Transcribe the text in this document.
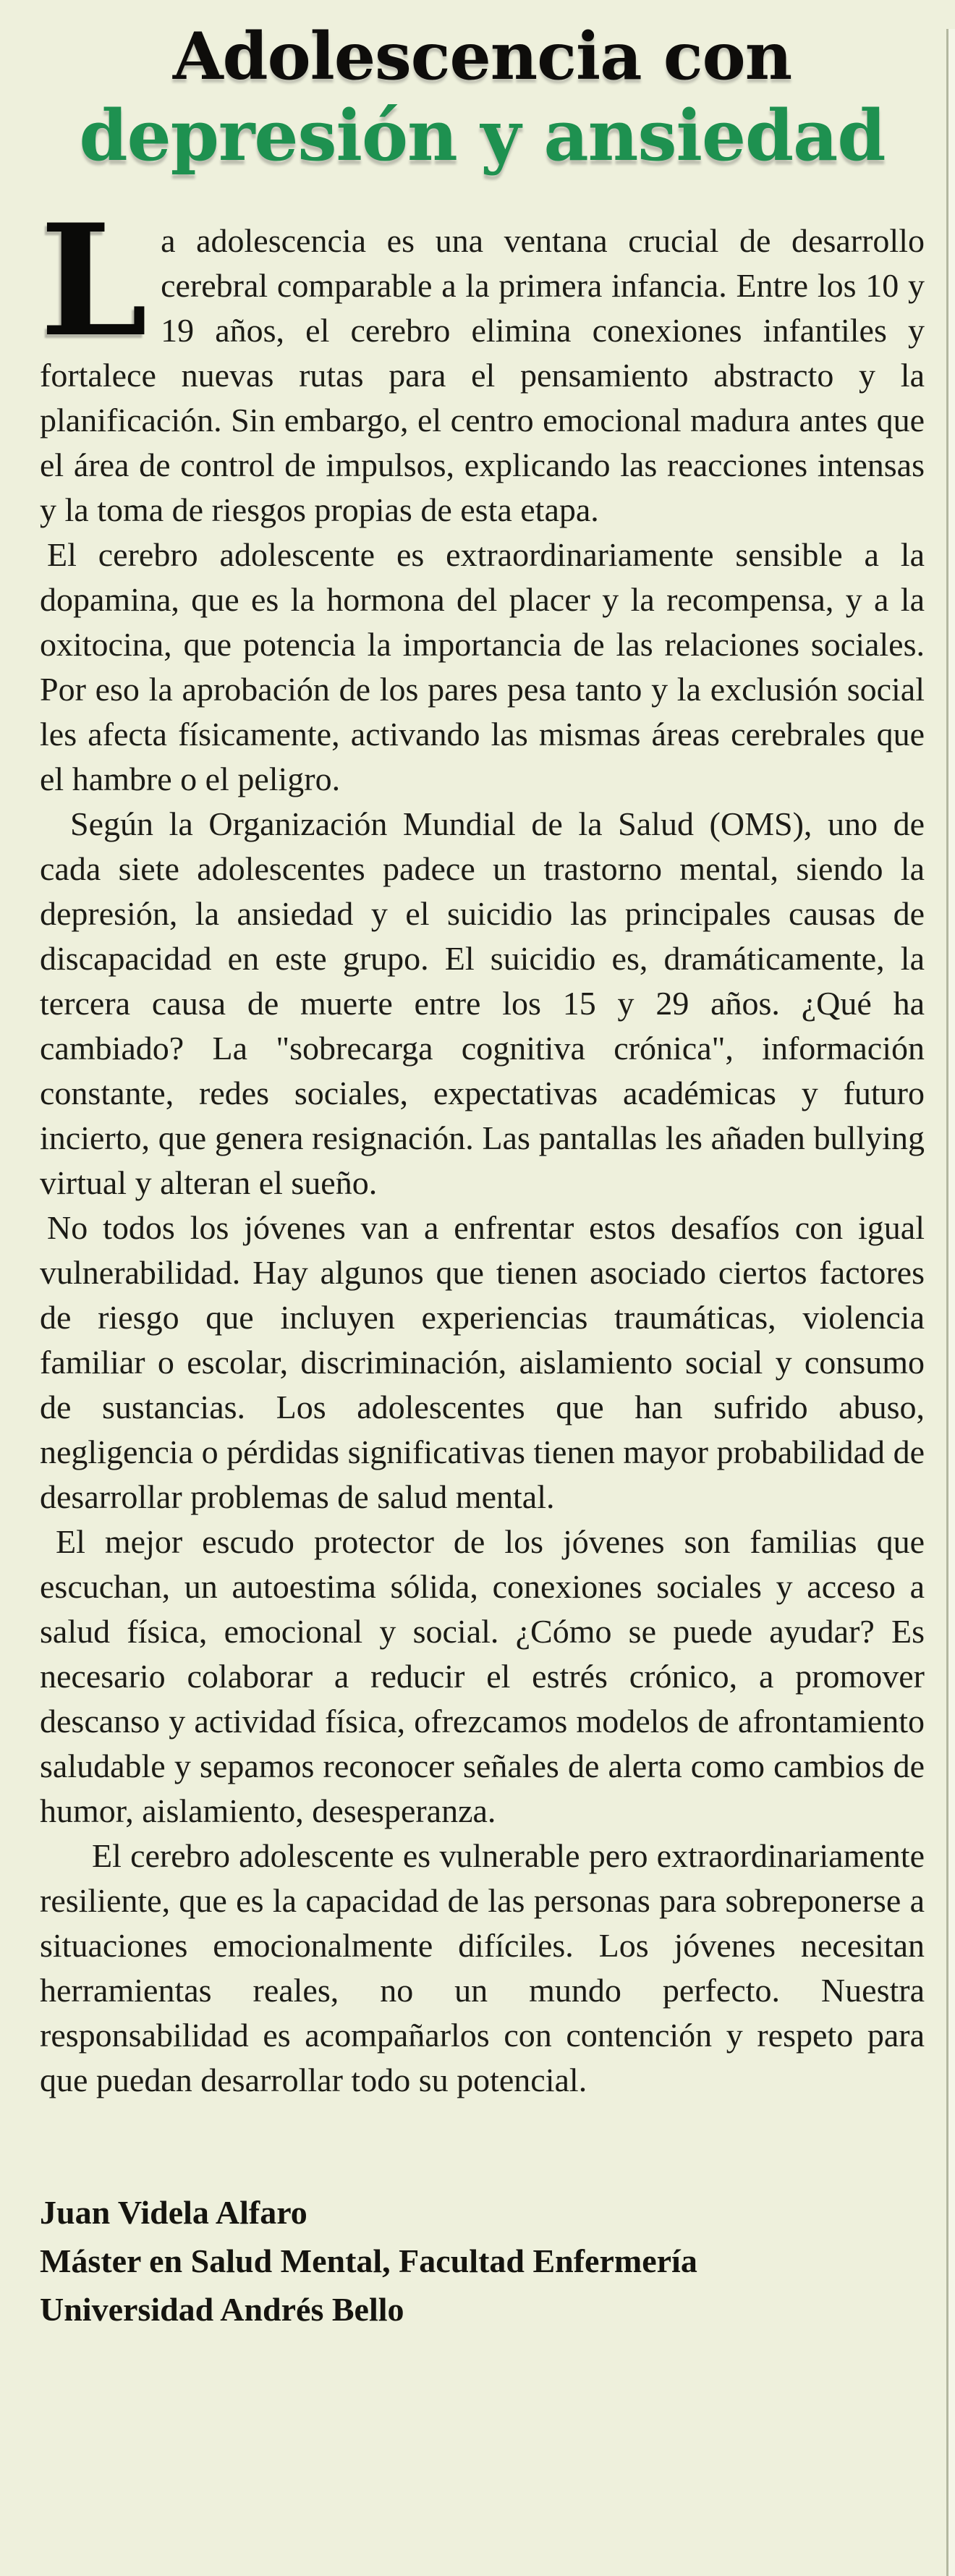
Adolescencia con
depresión y ansiedad

La adolescencia es una ventana crucial de desarrollo cerebral comparable a la primera infancia. Entre los 10 y 19 años, el cerebro elimina conexiones infantiles y fortalece nuevas rutas para el pensamiento abstracto y la planificación. Sin embargo, el centro emocional madura antes que el área de control de impulsos, explicando las reacciones intensas y la toma de riesgos propias de esta etapa.

El cerebro adolescente es extraordinariamente sensible a la dopamina, que es la hormona del placer y la recompensa, y a la oxitocina, que potencia la importancia de las relaciones sociales. Por eso la aprobación de los pares pesa tanto y la exclusión social les afecta físicamente, activando las mismas áreas cerebrales que el hambre o el peligro.

Según la Organización Mundial de la Salud (OMS), uno de cada siete adolescentes padece un trastorno mental, siendo la depresión, la ansiedad y el suicidio las principales causas de discapacidad en este grupo. El suicidio es, dramáticamente, la tercera causa de muerte entre los 15 y 29 años. ¿Qué ha cambiado? La "sobrecarga cognitiva crónica", información constante, redes sociales, expectativas académicas y futuro incierto, que genera resignación. Las pantallas les añaden bullying virtual y alteran el sueño.

No todos los jóvenes van a enfrentar estos desafíos con igual vulnerabilidad. Hay algunos que tienen asociado ciertos factores de riesgo que incluyen experiencias traumáticas, violencia familiar o escolar, discriminación, aislamiento social y consumo de sustancias. Los adolescentes que han sufrido abuso, negligencia o pérdidas significativas tienen mayor probabilidad de desarrollar problemas de salud mental.

El mejor escudo protector de los jóvenes son familias que escuchan, un autoestima sólida, conexiones sociales y acceso a salud física, emocional y social. ¿Cómo se puede ayudar? Es necesario colaborar a reducir el estrés crónico, a promover descanso y actividad física, ofrezcamos modelos de afrontamiento saludable y sepamos reconocer señales de alerta como cambios de humor, aislamiento, desesperanza.

El cerebro adolescente es vulnerable pero extraordinariamente resiliente, que es la capacidad de las personas para sobreponerse a situaciones emocionalmente difíciles. Los jóvenes necesitan herramientas reales, no un mundo perfecto. Nuestra responsabilidad es acompañarlos con contención y respeto para que puedan desarrollar todo su potencial.

Juan Videla Alfaro
Máster en Salud Mental, Facultad Enfermería
Universidad Andrés Bello
